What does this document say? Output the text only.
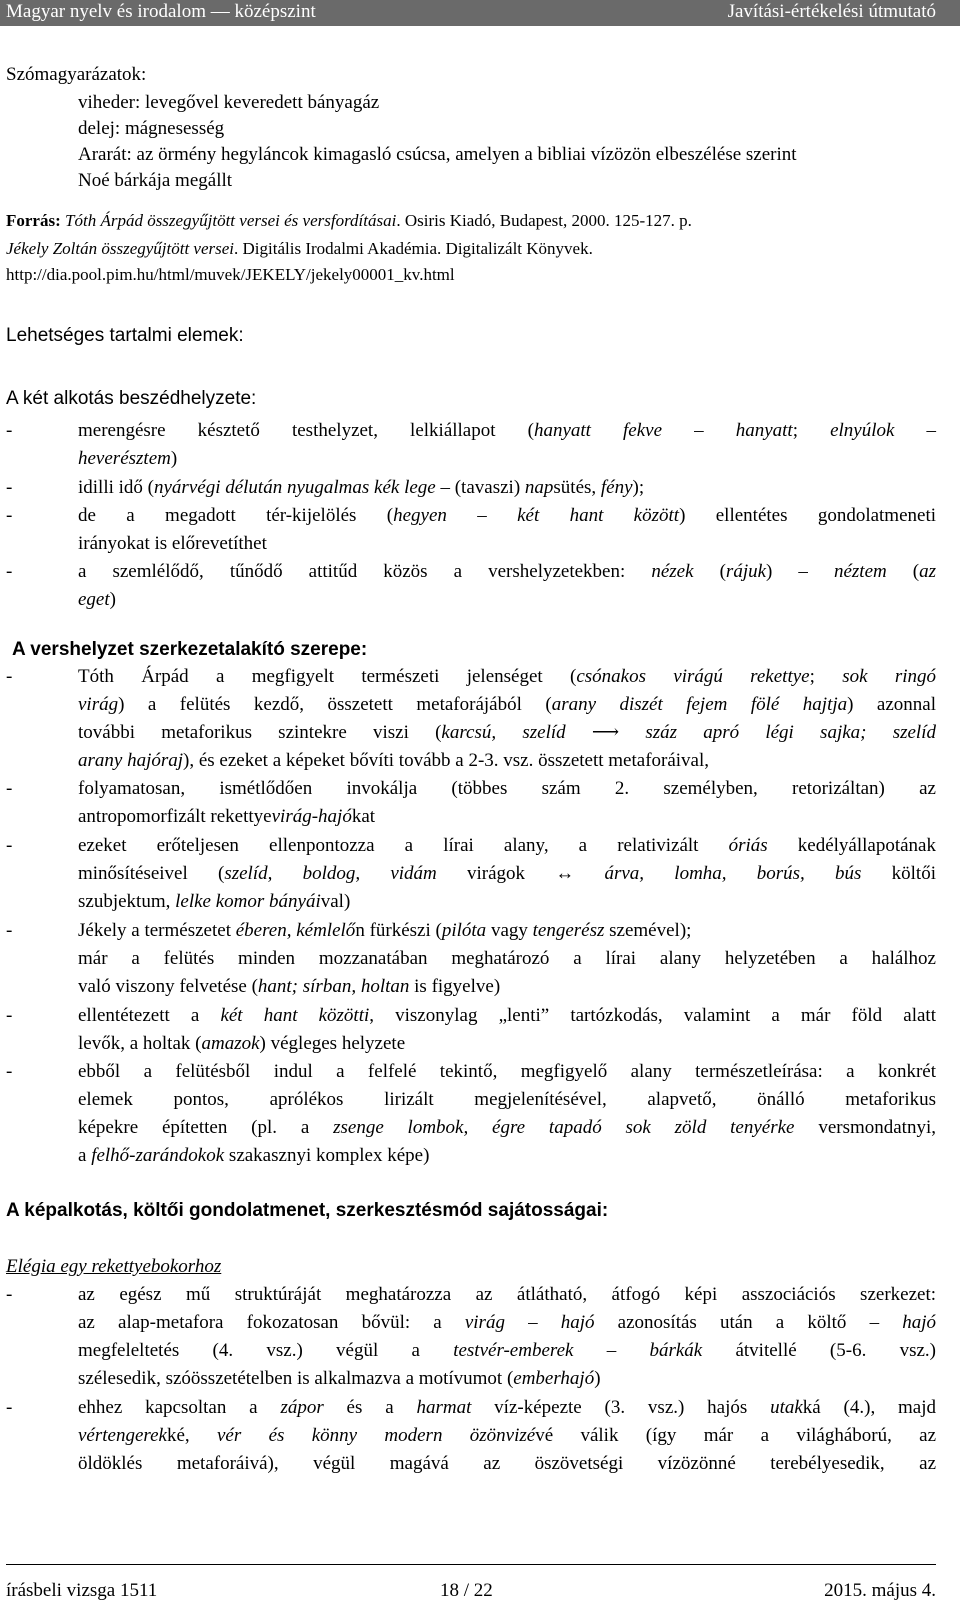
Magyar nyelv és irodalom — középszint	Javítási-értékelési útmutató
Szómagyarázatok:
viheder: levegővel keveredett bányagáz
delej: mágnesesség
Ararát: az örmény hegyláncok kimagasló csúcsa, amelyen a bibliai vízözön elbeszélése szerint
Noé bárkája megállt
Forrás: Tóth Árpád összegyűjtött versei és versfordításai. Osiris Kiadó, Budapest, 2000. 125-127. p.
Jékely Zoltán összegyűjtött versei. Digitális Irodalmi Akadémia. Digitalizált Könyvek.
http://dia.pool.pim.hu/html/muvek/JEKELY/jekely00001_kv.html
Lehetséges tartalmi elemek:
A két alkotás beszédhelyzete:
-	merengésre késztető testhelyzet, lelkiállapot (hanyatt fekve – hanyatt; elnyúlok –
heverésztem)
-	idilli idő (nyárvégi délután nyugalmas kék lege – (tavaszi) napsütés, fény);
-	de a megadott tér-kijelölés (hegyen – két hant között) ellentétes gondolatmeneti
irányokat is előrevetíthet
-	a szemlélődő, tűnődő attitűd közös a vershelyzetekben: nézek (rájuk) – néztem (az
eget)
A vershelyzet szerkezetalakító szerepe:
-	Tóth Árpád a megfigyelt természeti jelenséget (csónakos virágú rekettye; sok ringó
virág) a felütés kezdő, összetett metaforájából (arany diszét fejem fölé hajtja) azonnal
további metaforikus szintekre viszi (karcsú, szelíd ⟶ száz apró légi sajka; szelíd
arany hajóraj), és ezeket a képeket bővíti tovább a 2-3. vsz. összetett metaforáival,
-	folyamatosan, ismétlődően invokálja (többes szám 2. személyben, retorizáltan) az
antropomorfizált rekettyevirág-hajókat
-	ezeket erőteljesen ellenpontozza a lírai alany, a relativizált óriás kedélyállapotának
minősítéseivel (szelíd, boldog, vidám virágok ↔ árva, lomha, borús, bús költői
szubjektum, lelke komor bányáival)
-	Jékely a természetet éberen, kémlelőn fürkészi (pilóta vagy tengerész szemével);
már a felütés minden mozzanatában meghatározó a lírai alany helyzetében a halálhoz
való viszony felvetése (hant; sírban, holtan is figyelve)
-	ellentétezett a két hant közötti, viszonylag „lenti” tartózkodás, valamint a már föld alatt
levők, a holtak (amazok) végleges helyzete
-	ebből a felütésből indul a felfelé tekintő, megfigyelő alany természetleírása: a konkrét
elemek pontos, aprólékos lirizált megjelenítésével, alapvető, önálló metaforikus
képekre építetten (pl. a zsenge lombok, égre tapadó sok zöld tenyérke versmondatnyi,
a felhő-zarándokok szakasznyi komplex képe)
A képalkotás, költői gondolatmenet, szerkesztésmód sajátosságai:
Elégia egy rekettyebokorhoz
-	az egész mű struktúráját meghatározza az átlátható, átfogó képi asszociációs szerkezet:
az alap-metafora fokozatosan bővül: a virág – hajó azonosítás után a költő – hajó
megfeleltetés (4. vsz.) végül a testvér-emberek – bárkák átvitellé (5-6. vsz.)
szélesedik, szóösszetételben is alkalmazva a motívumot (emberhajó)
-	ehhez kapcsoltan a zápor és a harmat víz-képezte (3. vsz.) hajós utakká (4.), majd
vértengerekké, vér és könny modern özönvizévé válik (így már a világháború, az
öldöklés metaforáivá), végül magává az öszövetségi vízözönné terebélyesedik, az
írásbeli vizsga 1511	18 / 22	2015. május 4.
